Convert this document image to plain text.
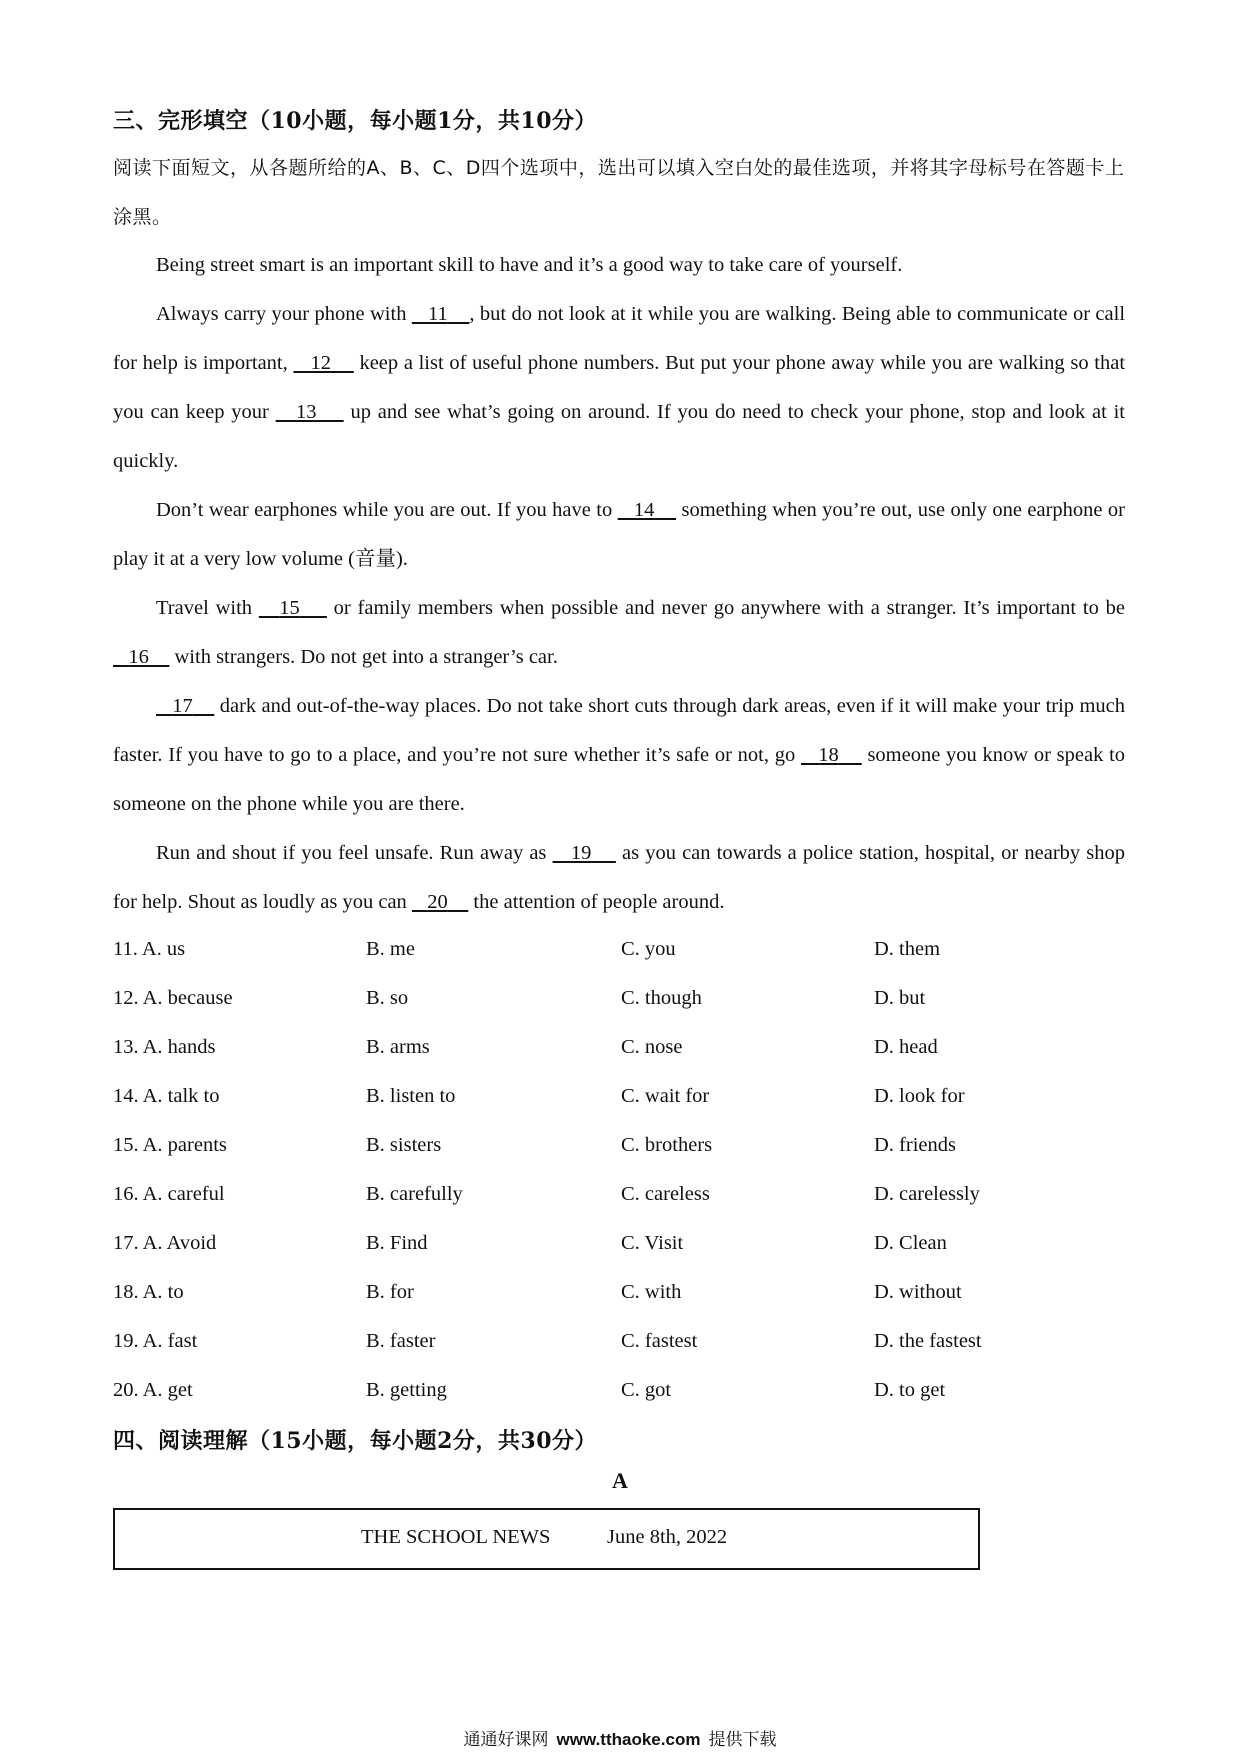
三、完形填空（10小题，每小题1分，共10分）
阅读下面短文，从各题所给的A、B、C、D四个选项中，选出可以填入空白处的最佳选项，并将其字母标号在答题卡上涂黑。

Being street smart is an important skill to have and it’s a good way to take care of yourself.

Always carry your phone with    11 , but do not look at it while you are walking. Being able to communicate or call for help is important,    12     keep a list of useful phone numbers. But put your phone away while you are walking so that you can keep your    13     up and see what’s going on around. If you do need to check your phone, stop and look at it quickly.

Don’t wear earphones while you are out. If you have to    14     something when you’re out, use only one earphone or play it at a very low volume (音量).

Travel with    15     or family members when possible and never go anywhere with a stranger. It’s important to be    16     with strangers. Do not get into a stranger’s car.

17     dark and out-of-the-way places. Do not take short cuts through dark areas, even if it will make your trip much faster. If you have to go to a place, and you’re not sure whether it’s safe or not, go    18     someone you know or speak to someone on the phone while you are there.

Run and shout if you feel unsafe. Run away as    19     as you can towards a police station, hospital, or nearby shop for help. Shout as loudly as you can    20     the attention of people around.

11. A. us	B. me	C. you	D. them
12. A. because	B. so	C. though	D. but
13. A. hands	B. arms	C. nose	D. head
14. A. talk to	B. listen to	C. wait for	D. look for
15. A. parents	B. sisters	C. brothers	D. friends
16. A. careful	B. carefully	C. careless	D. carelessly
17. A. Avoid	B. Find	C. Visit	D. Clean
18. A. to	B. for	C. with	D. without
19. A. fast	B. faster	C. fastest	D. the fastest
20. A. get	B. getting	C. got	D. to get
四、阅读理解（15小题，每小题2分，共30分）
A
THE SCHOOL NEWS	June 8th, 2022
通通好课网 www.tthaoke.com 提供下载
